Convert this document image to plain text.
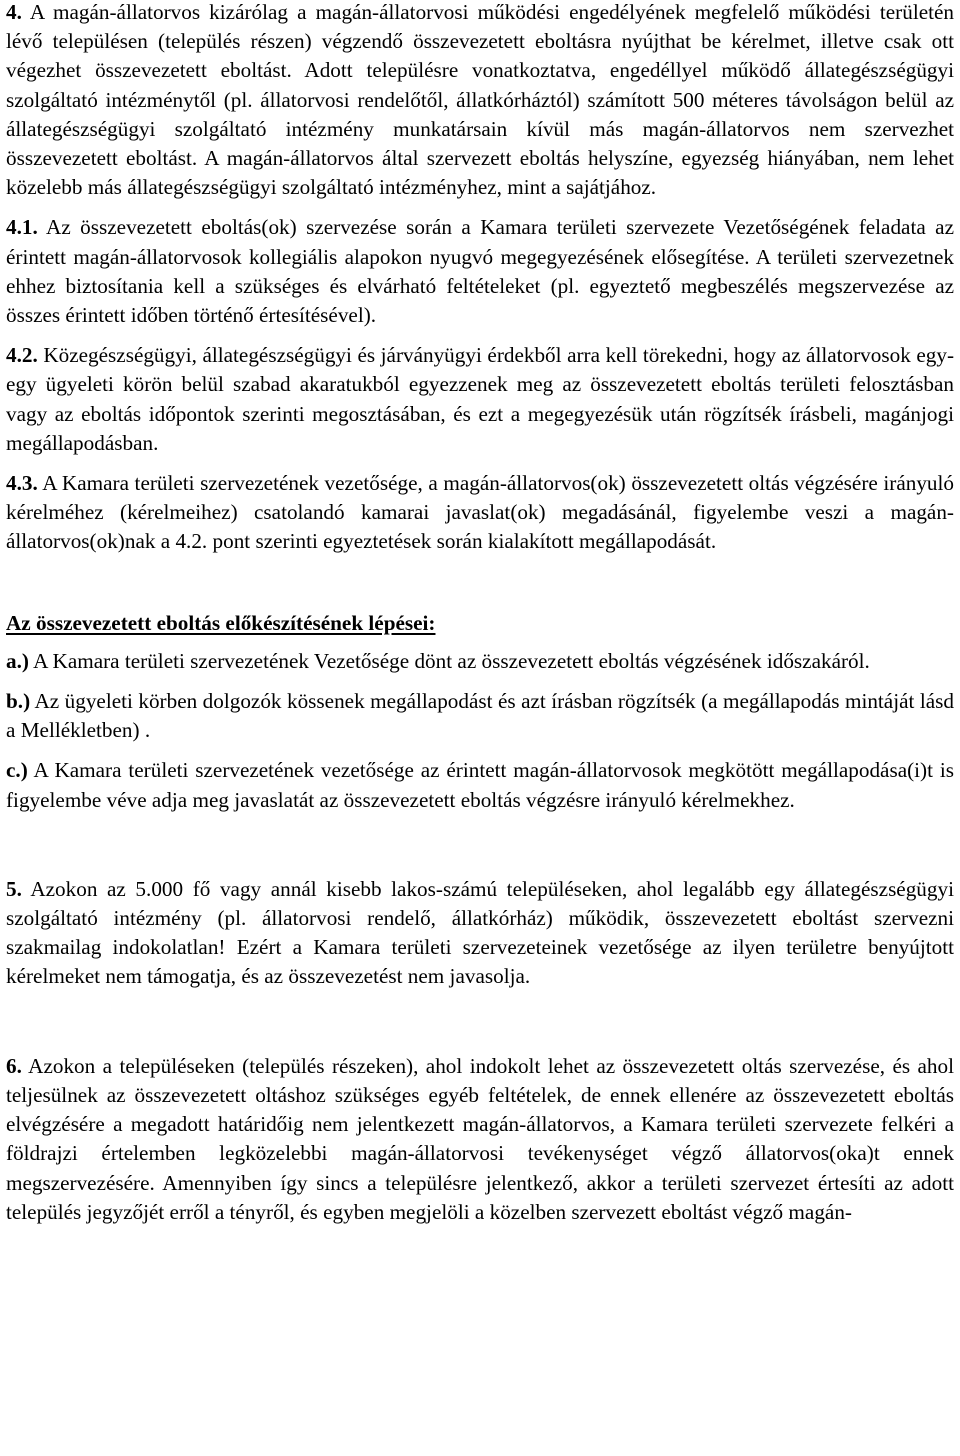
4. A magán-állatorvos kizárólag a magán-állatorvosi működési engedélyének megfelelő működési területén lévő településen (település részen) végzendő összevezetett eboltásra nyújthat be kérelmet, illetve csak ott végezhet összevezetett eboltást. Adott településre vonatkoztatva, engedéllyel működő állategészségügyi szolgáltató intézménytől (pl. állatorvosi rendelőtől, állatkórháztól) számított 500 méteres távolságon belül az állategészségügyi szolgáltató intézmény munkatársain kívül más magán-állatorvos nem szervezhet összevezetett eboltást. A magán-állatorvos által szervezett eboltás helyszíne, egyezség hiányában, nem lehet közelebb más állategészségügyi szolgáltató intézményhez, mint a sajátjához.

4.1. Az összevezetett eboltás(ok) szervezése során a Kamara területi szervezete Vezetőségének feladata az érintett magán-állatorvosok kollegiális alapokon nyugvó megegyezésének elősegítése. A területi szervezetnek ehhez biztosítania kell a szükséges és elvárható feltételeket (pl. egyeztető megbeszélés megszervezése az összes érintett időben történő értesítésével).

4.2. Közegészségügyi, állategészségügyi és járványügyi érdekből arra kell törekedni, hogy az állatorvosok egy-egy ügyeleti körön belül szabad akaratukból egyezzenek meg az összevezetett eboltás területi felosztásban vagy az eboltás időpontok szerinti megosztásában, és ezt a megegyezésük után rögzítsék írásbeli, magánjogi megállapodásban.

4.3. A Kamara területi szervezetének vezetősége, a magán-állatorvos(ok) összevezetett oltás végzésére irányuló kérelméhez (kérelmeihez) csatolandó kamarai javaslat(ok) megadásánál, figyelembe veszi a magán-állatorvos(ok)nak a 4.2. pont szerinti egyeztetések során kialakított megállapodását.

Az összevezetett eboltás előkészítésének lépései:

a.) A Kamara területi szervezetének Vezetősége dönt az összevezetett eboltás végzésének időszakáról.

b.) Az ügyeleti körben dolgozók kössenek megállapodást és azt írásban rögzítsék (a megállapodás mintáját lásd a Mellékletben) .

c.) A Kamara területi szervezetének vezetősége az érintett magán-állatorvosok megkötött megállapodása(i)t is figyelembe véve adja meg javaslatát az összevezetett eboltás végzésre irányuló kérelmekhez.

5. Azokon az 5.000 fő vagy annál kisebb lakos-számú településeken, ahol legalább egy állategészségügyi szolgáltató intézmény (pl. állatorvosi rendelő, állatkórház) működik, összevezetett eboltást szervezni szakmailag indokolatlan! Ezért a Kamara területi szervezeteinek vezetősége az ilyen területre benyújtott kérelmeket nem támogatja, és az összevezetést nem javasolja.

6. Azokon a településeken (település részeken), ahol indokolt lehet az összevezetett oltás szervezése, és ahol teljesülnek az összevezetett oltáshoz szükséges egyéb feltételek, de ennek ellenére az összevezetett eboltás elvégzésére a megadott határidőig nem jelentkezett magán-állatorvos, a Kamara területi szervezete felkéri a földrajzi értelemben legközelebbi magán-állatorvosi tevékenységet végző állatorvos(oka)t ennek megszervezésére. Amennyiben így sincs a településre jelentkező, akkor a területi szervezet értesíti az adott település jegyzőjét erről a tényről, és egyben megjelöli a közelben szervezett eboltást végző magán-
